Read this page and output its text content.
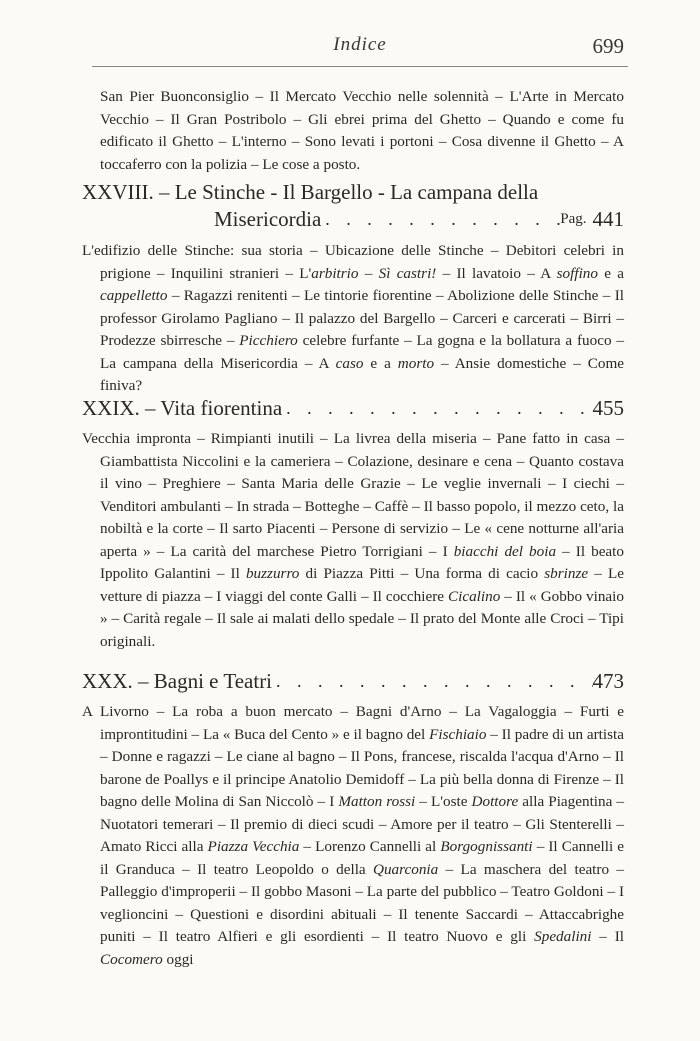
Indice	699
San Pier Buonconsiglio – Il Mercato Vecchio nelle solennità – L'Arte in Mercato Vecchio – Il Gran Postribolo – Gli ebrei prima del Ghetto – Quando e come fu edificato il Ghetto – L'interno – Sono levati i portoni – Cosa divenne il Ghetto – A toccaferro con la polizia – Le cose a posto.
XXVIII. – Le Stinche - Il Bargello - La campana della
Misericordia . . .	Pag. 441
L'edifizio delle Stinche: sua storia – Ubicazione delle Stinche – Debitori celebri in prigione – Inquilini stranieri – L'arbitrio – Sì castri! – Il lavatoio – A soffino e a cappelletto – Ragazzi renitenti – Le tintorie fiorentine – Abolizione delle Stinche – Il professor Girolamo Pagliano – Il palazzo del Bargello – Carceri e carcerati – Birri – Prodezze sbirresche – Picchiero celebre furfante – La gogna e la bollatura a fuoco – La campana della Misericordia – A caso e a morto – Ansie domestiche – Come finiva?
XXIX. – Vita fiorentina . . .	455
Vecchia impronta – Rimpianti inutili – La livrea della miseria – Pane fatto in casa – Giambattista Niccolini e la cameriera – Colazione, desinare e cena – Quanto costava il vino – Preghiere – Santa Maria delle Grazie – Le veglie invernali – I ciechi – Venditori ambulanti – In strada – Botteghe – Caffè – Il basso popolo, il mezzo ceto, la nobiltà e la corte – Il sarto Piacenti – Persone di servizio – Le « cene notturne all'aria aperta » – La carità del marchese Pietro Torrigiani – I biacchi del boia – Il beato Ippolito Galantini – Il buzzurro di Piazza Pitti – Una forma di cacio sbrinze – Le vetture di piazza – I viaggi del conte Galli – Il cocchiere Cicalino – Il « Gobbo vinaio » – Carità regale – Il sale ai malati dello spedale – Il prato del Monte alle Croci – Tipi originali.
XXX. – Bagni e Teatri . . .	473
A Livorno – La roba a buon mercato – Bagni d'Arno – La Vagaloggia – Furti e improntitudini – La « Buca del Cento » e il bagno del Fischiaio – Il padre di un artista – Donne e ragazzi – Le ciane al bagno – Il Pons, francese, riscalda l'acqua d'Arno – Il barone de Poallys e il principe Anatolio Demidoff – La più bella donna di Firenze – Il bagno delle Molina di San Niccolò – I Matton rossi – L'oste Dottore alla Piagentina – Nuotatori temerari – Il premio di dieci scudi – Amore per il teatro – Gli Stenterelli – Amato Ricci alla Piazza Vecchia – Lorenzo Cannelli al Borgognissanti – Il Cannelli e il Granduca – Il teatro Leopoldo o della Quarconia – La maschera del teatro – Palleggio d'improperii – Il gobbo Masoni – La parte del pubblico – Teatro Goldoni – I veglioncini – Questioni e disordini abituali – Il tenente Saccardi – Attaccabrighe puniti – Il teatro Alfieri e gli esordienti – Il teatro Nuovo e gli Spedalini – Il Cocomero oggi
